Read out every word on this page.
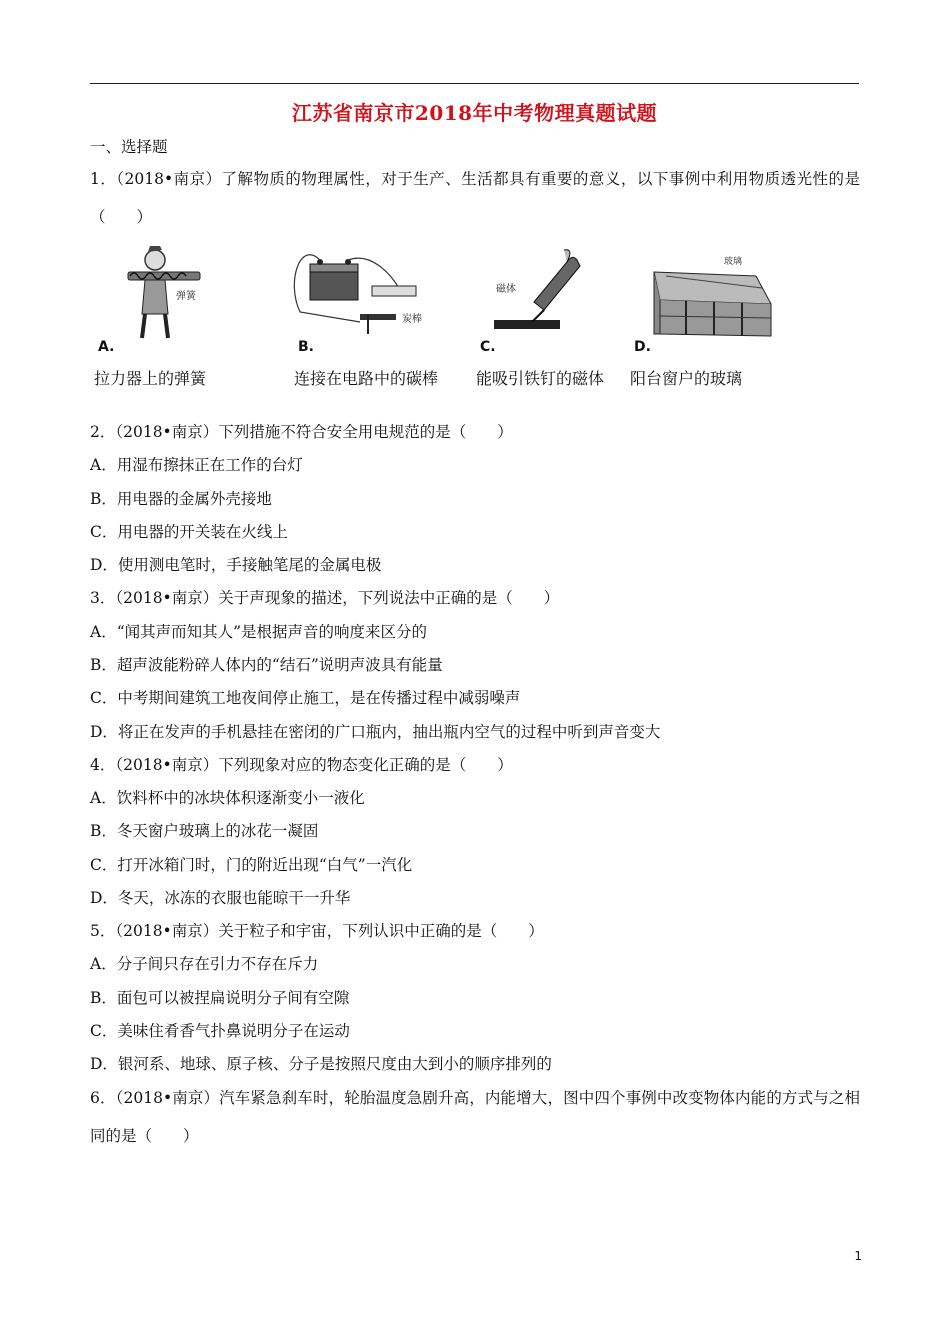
江苏省南京市2018年中考物理真题试题
一、选择题
1．（2018•南京）了解物质的物理属性，对于生产、生活都具有重要的意义，以下事例中利用物质透光性的是（　　）
弹簧
A.
拉力器上的弹簧
炭棒
B.
连接在电路中的碳棒
磁体
C.
能吸引铁钉的磁体
玻璃
D.
阳台窗户的玻璃
2．（2018•南京）下列措施不符合安全用电规范的是（　　）
A．用湿布擦抹正在工作的台灯
B．用电器的金属外壳接地
C．用电器的开关装在火线上
D．使用测电笔时，手接触笔尾的金属电极
3．（2018•南京）关于声现象的描述，下列说法中正确的是（　　）
A．“闻其声而知其人”是根据声音的响度来区分的
B．超声波能粉碎人体内的“结石”说明声波具有能量
C．中考期间建筑工地夜间停止施工，是在传播过程中减弱噪声
D．将正在发声的手机悬挂在密闭的广口瓶内，抽出瓶内空气的过程中听到声音变大
4．（2018•南京）下列现象对应的物态变化正确的是（　　）
A．饮料杯中的冰块体积逐渐变小一液化
B．冬天窗户玻璃上的冰花一凝固
C．打开冰箱门时，门的附近出现“白气”一汽化
D．冬天，冰冻的衣服也能晾干一升华
5．（2018•南京）关于粒子和宇宙，下列认识中正确的是（　　）
A．分子间只存在引力不存在斥力
B．面包可以被捏扁说明分子间有空隙
C．美味住肴香气扑鼻说明分子在运动
D．银河系、地球、原子核、分子是按照尺度由大到小的顺序排列的
6．（2018•南京）汽车紧急刹车时，轮胎温度急剧升高，内能增大，图中四个事例中改变物体内能的方式与之相同的是（　　）
1
